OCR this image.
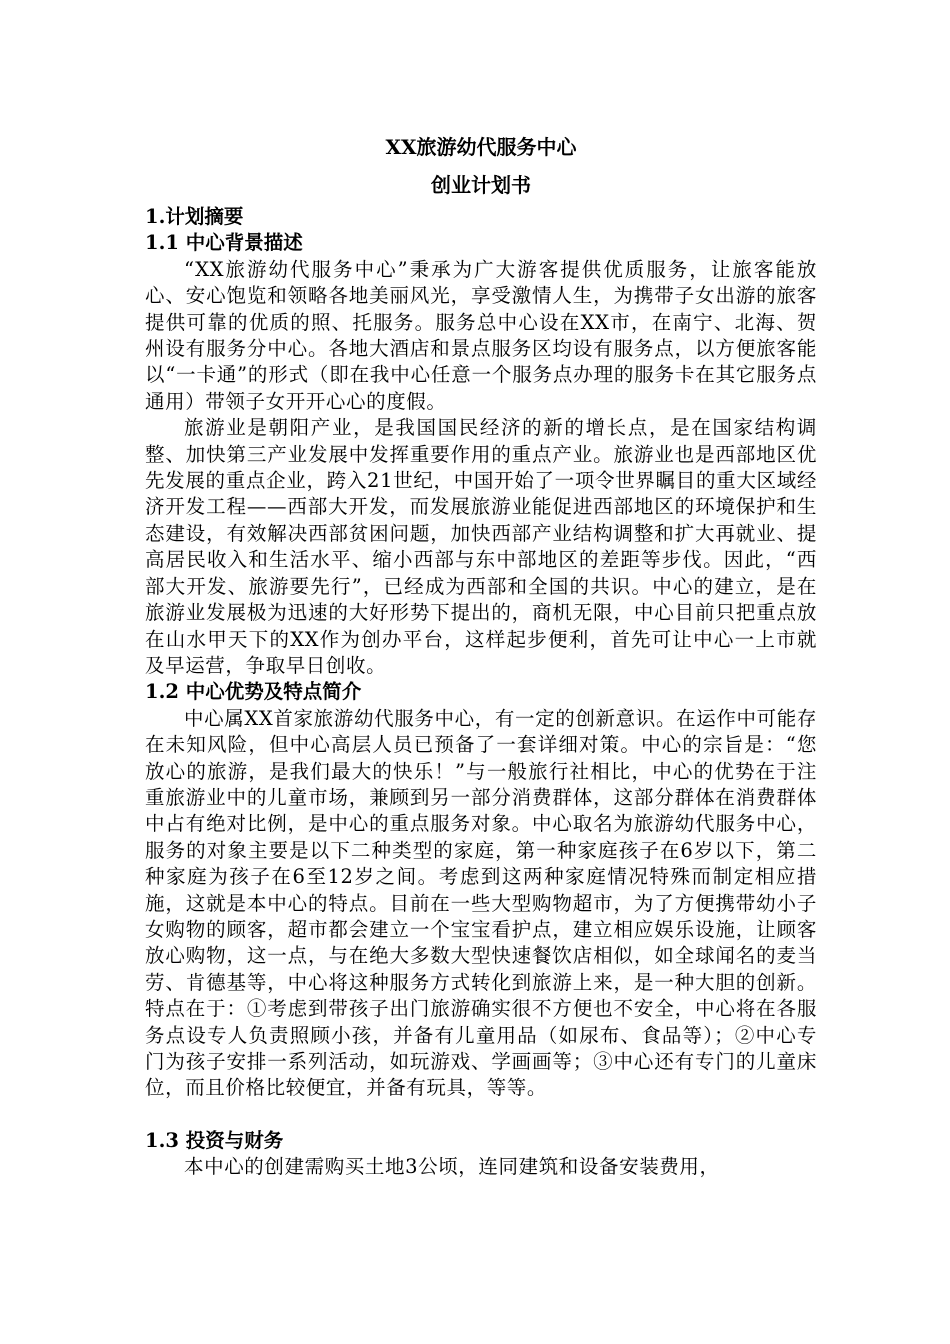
XX旅游幼代服务中心
创业计划书
1.计划摘要
1.1 中心背景描述

“XX旅游幼代服务中心”秉承为广大游客提供优质服务，让旅客能放心、安心饱览和领略各地美丽风光，享受激情人生，为携带子女出游的旅客提供可靠的优质的照、托服务。服务总中心设在XX市，在南宁、北海、贺州设有服务分中心。各地大酒店和景点服务区均设有服务点，以方便旅客能以“一卡通”的形式（即在我中心任意一个服务点办理的服务卡在其它服务点通用）带领子女开开心心的度假。

旅游业是朝阳产业，是我国国民经济的新的增长点，是在国家结构调整、加快第三产业发展中发挥重要作用的重点产业。旅游业也是西部地区优先发展的重点企业，跨入21世纪，中国开始了一项令世界瞩目的重大区域经济开发工程——西部大开发，而发展旅游业能促进西部地区的环境保护和生态建设，有效解决西部贫困问题，加快西部产业结构调整和扩大再就业、提高居民收入和生活水平、缩小西部与东中部地区的差距等步伐。因此，“西部大开发、旅游要先行”，已经成为西部和全国的共识。中心的建立，是在旅游业发展极为迅速的大好形势下提出的，商机无限，中心目前只把重点放在山水甲天下的XX作为创办平台，这样起步便利，首先可让中心一上市就及早运营，争取早日创收。

1.2 中心优势及特点简介

中心属XX首家旅游幼代服务中心，有一定的创新意识。在运作中可能存在未知风险，但中心高层人员已预备了一套详细对策。中心的宗旨是：“您放心的旅游，是我们最大的快乐！”与一般旅行社相比，中心的优势在于注重旅游业中的儿童市场，兼顾到另一部分消费群体，这部分群体在消费群体中占有绝对比例，是中心的重点服务对象。中心取名为旅游幼代服务中心，服务的对象主要是以下二种类型的家庭，第一种家庭孩子在6岁以下，第二种家庭为孩子在6至12岁之间。考虑到这两种家庭情况特殊而制定相应措施，这就是本中心的特点。目前在一些大型购物超市，为了方便携带幼小子女购物的顾客，超市都会建立一个宝宝看护点，建立相应娱乐设施，让顾客放心购物，这一点，与在绝大多数大型快速餐饮店相似，如全球闻名的麦当劳、肯德基等，中心将这种服务方式转化到旅游上来，是一种大胆的创新。特点在于：①考虑到带孩子出门旅游确实很不方便也不安全，中心将在各服务点设专人负责照顾小孩，并备有儿童用品（如尿布、食品等）；②中心专门为孩子安排一系列活动，如玩游戏、学画画等；③中心还有专门的儿童床位，而且价格比较便宜，并备有玩具，等等。

1.3 投资与财务

本中心的创建需购买土地3公顷，连同建筑和设备安装费用，
